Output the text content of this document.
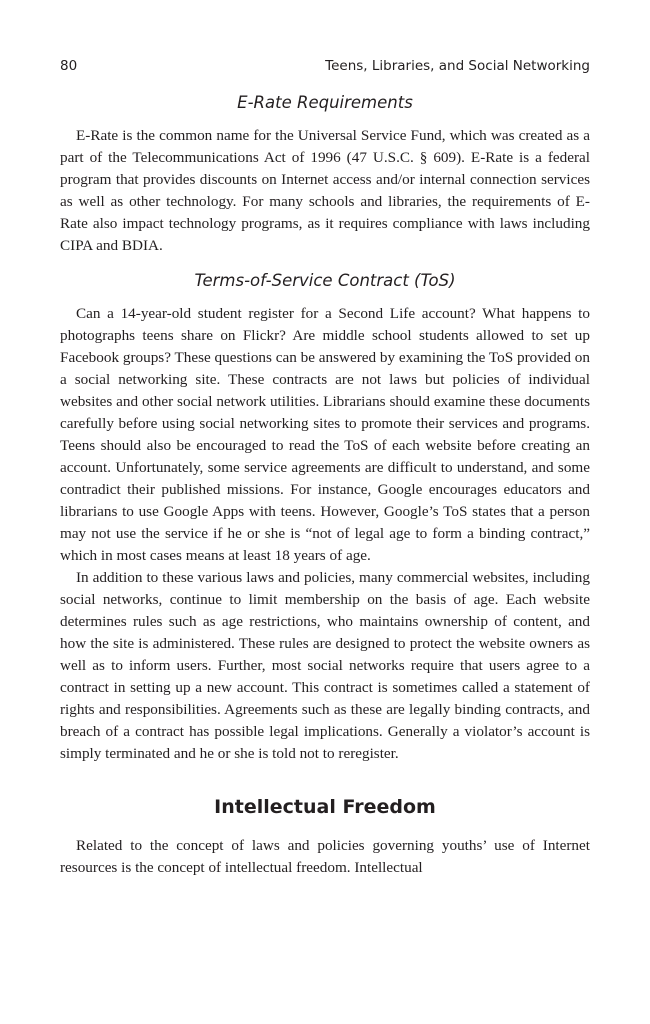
80	Teens, Libraries, and Social Networking
E-Rate Requirements

E-Rate is the common name for the Universal Service Fund, which was created as a part of the Telecommunications Act of 1996 (47 U.S.C. § 609). E-Rate is a federal program that provides discounts on Internet access and/or internal connection services as well as other technology. For many schools and libraries, the requirements of E-Rate also impact technology programs, as it requires compliance with laws including CIPA and BDIA.

Terms-of-Service Contract (ToS)

Can a 14-year-old student register for a Second Life account? What happens to photographs teens share on Flickr? Are middle school students allowed to set up Facebook groups? These questions can be answered by examining the ToS provided on a social networking site. These contracts are not laws but policies of individual websites and other social network utilities. Librarians should examine these documents carefully before using social networking sites to promote their services and programs. Teens should also be encouraged to read the ToS of each website before creating an account. Unfortunately, some service agreements are difficult to understand, and some contradict their published missions. For instance, Google encourages educators and librarians to use Google Apps with teens. However, Google’s ToS states that a person may not use the service if he or she is “not of legal age to form a binding contract,” which in most cases means at least 18 years of age.

In addition to these various laws and policies, many commercial websites, including social networks, continue to limit membership on the basis of age. Each website determines rules such as age restrictions, who maintains ownership of content, and how the site is administered. These rules are designed to protect the website owners as well as to inform users. Further, most social networks require that users agree to a contract in setting up a new account. This contract is sometimes called a statement of rights and responsibilities. Agreements such as these are legally binding contracts, and breach of a contract has possible legal implications. Generally a violator’s account is simply terminated and he or she is told not to reregister.

Intellectual Freedom

Related to the concept of laws and policies governing youths’ use of Internet resources is the concept of intellectual freedom. Intellectual
